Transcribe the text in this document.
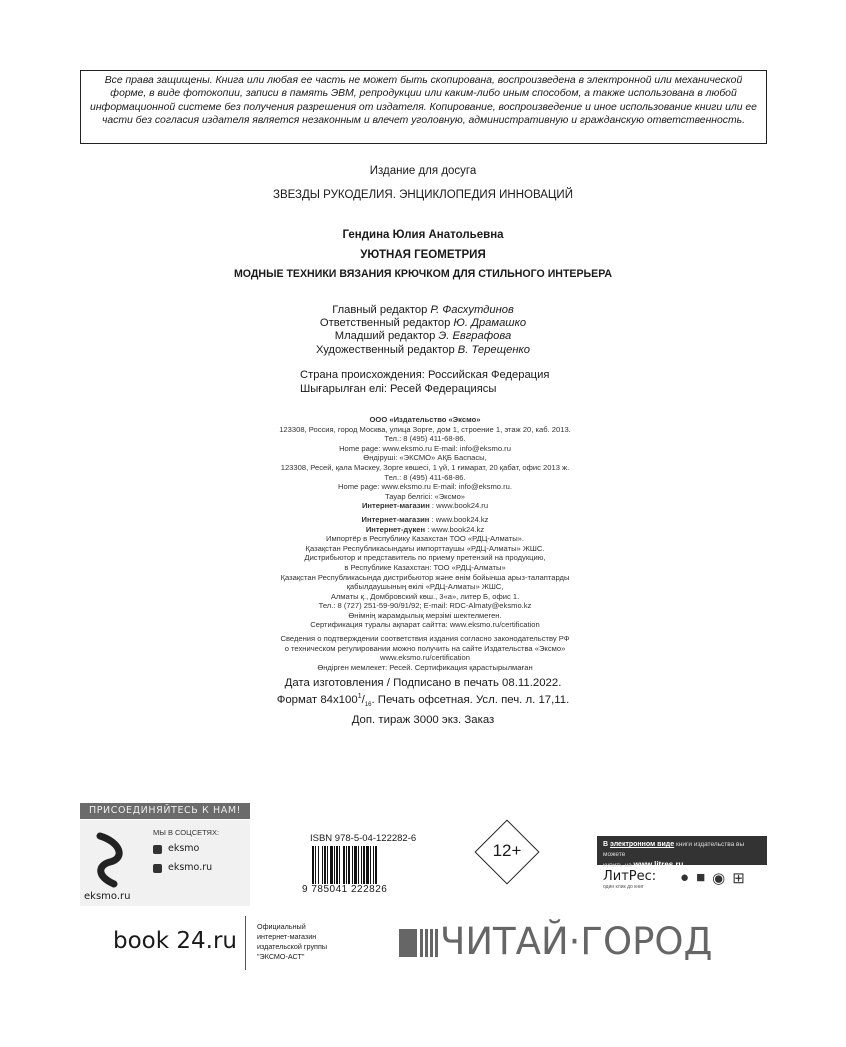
Все права защищены. Книга или любая ее часть не может быть скопирована, воспроизведена в электронной или механической форме, в виде фотокопии, записи в память ЭВМ, репродукции или каким-либо иным способом, а также использована в любой информационной системе без получения разрешения от издателя. Копирование, воспроизведение и иное использование книги или ее части без согласия издателя является незаконным и влечет уголовную, административную и гражданскую ответственность.
Издание для досуга
ЗВЕЗДЫ РУКОДЕЛИЯ. ЭНЦИКЛОПЕДИЯ ИННОВАЦИЙ
Гендина Юлия Анатольевна
УЮТНАЯ ГЕОМЕТРИЯ
МОДНЫЕ ТЕХНИКИ ВЯЗАНИЯ КРЮЧКОМ ДЛЯ СТИЛЬНОГО ИНТЕРЬЕРА
Главный редактор Р. Фасхутдинов
Ответственный редактор Ю. Драмашко
Младший редактор Э. Евграфова
Художественный редактор В. Терещенко
Страна происхождения: Российская Федерация
Шығарылған елі: Ресей Федерациясы
ООО «Издательство «Эксмо»
123308, Россия, город Москва, улица Зорге, дом 1, строение 1, этаж 20, каб. 2013.
Тел.: 8 (495) 411-68-86.
Home page: www.eksmo.ru E-mail: info@eksmo.ru
Өндіруші: «ЭКСМО» АҚБ Баспасы,
123308, Ресей, қала Мәскеу, Зорге көшесі, 1 үй, 1 ғимарат, 20 қабат, офис 2013 ж.
Тел.: 8 (495) 411-68-86.
Home page: www.eksmo.ru E-mail: info@eksmo.ru.
Тауар белгісі: «Эксмо»
Интернет-магазин : www.book24.ru
Интернет-магазин : www.book24.kz
Интернет-дүкен : www.book24.kz
Импортёр в Республику Казахстан ТОО «РДЦ-Алматы».
Қазақстан Республикасындағы импорттаушы «РДЦ-Алматы» ЖШС.
Дистрибьютор и представитель по приему претензий на продукцию,
в Республике Казахстан: ТОО «РДЦ-Алматы»
Қазақстан Республикасында дистрибьютор және өнім бойынша арыз-талаптарды
қабылдаушының өкілі «РДЦ-Алматы» ЖШС,
Алматы қ., Домбровский көш., 3«а», литер Б, офис 1.
Тел.: 8 (727) 251-59-90/91/92; E-mail: RDC-Almaty@eksmo.kz
Өнімнің жарамдылық мерзімі шектелмеген.
Сертификация туралы ақпарат сайтта: www.eksmo.ru/certification
Сведения о подтверждении соответствия издания согласно законодательству РФ
о техническом регулировании можно получить на сайте Издательства «Эксмо»
www.eksmo.ru/certification
Өндірген мемлекет: Ресей. Сертификация қарастырылмаған
Дата изготовления / Подписано в печать 08.11.2022.
Формат $84x100^1/_{16}$. Печать офсетная. Усл. печ. л. 17,11.
Доп. тираж 3000 экз. Заказ
ПРИСОЕДИНЯЙТЕСЬ К НАМ!
eksmo.ru
МЫ В СОЦСЕТЯХ:
eksmo
eksmo.ru
ISBN 978-5-04-122282-6
9 785041 222826
12+	В электронном виде книги издательства вы можете
купить на www.litres.ru
ЛитРес:
один клик до книг
● ■ ◉ ⊞
book 24.ru
Официальный
интернет-магазин
издательской группы
"ЭКСМО-АСТ"	ЧИТАЙ·ГОРОД
